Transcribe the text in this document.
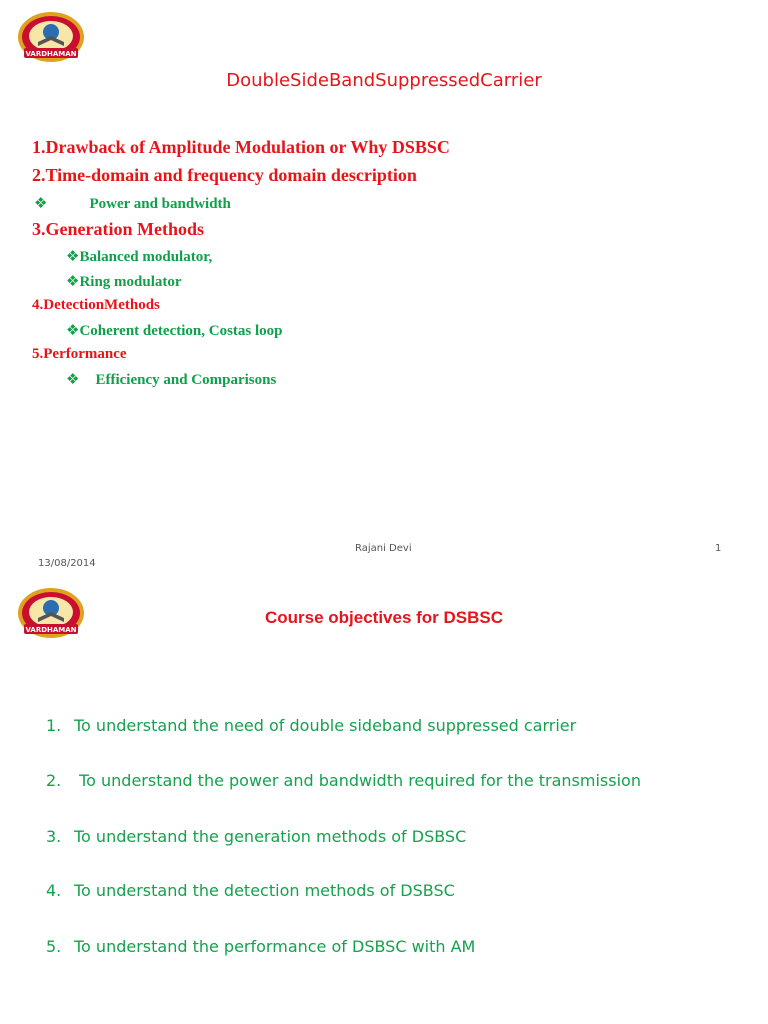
VARDHAMAN
DoubleSideBandSuppressedCarrier
1.Drawback of Amplitude Modulation or Why DSBSC
2.Time-domain and frequency domain description
❖	Power and bandwidth
3.Generation Methods
❖Balanced modulator,
❖Ring modulator
4.DetectionMethods
❖Coherent detection, Costas loop
5.Performance
❖ Efficiency and Comparisons
Rajani Devi	1
13/08/2014
VARDHAMAN
Course objectives for DSBSC
1. To understand the need of double sideband suppressed carrier
2. To understand the power and bandwidth required for the transmission
3. To understand the generation methods of DSBSC
4. To understand the detection methods of DSBSC
5. To understand the performance of DSBSC with AM
